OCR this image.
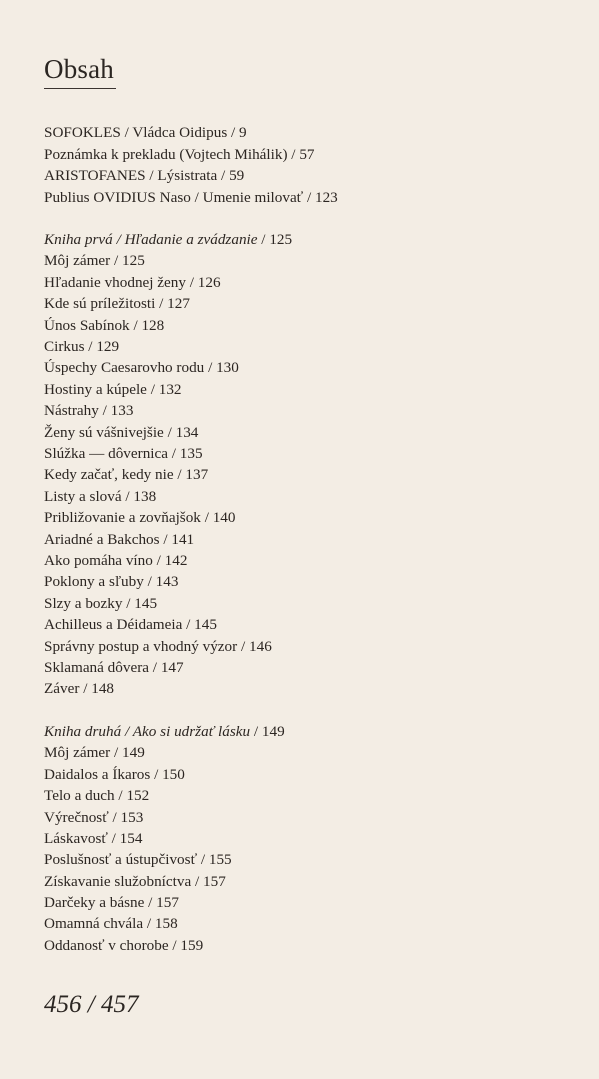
Obsah
SOFOKLES / Vládca Oidipus / 9
Poznámka k prekladu (Vojtech Mihálik) / 57
ARISTOFANES / Lýsistrata / 59
Publius OVIDIUS Naso / Umenie milovať / 123
Kniha prvá / Hľadanie a zvádzanie / 125
Môj zámer / 125
Hľadanie vhodnej ženy / 126
Kde sú príležitosti / 127
Únos Sabínok / 128
Cirkus / 129
Úspechy Caesarovho rodu / 130
Hostiny a kúpele / 132
Nástrahy / 133
Ženy sú vášnivejšie / 134
Slúžka — dôvernica / 135
Kedy začať, kedy nie / 137
Listy a slová / 138
Približovanie a zovňajšok / 140
Ariadné a Bakchos / 141
Ako pomáha víno / 142
Poklony a sľuby / 143
Slzy a bozky / 145
Achilleus a Déidameia / 145
Správny postup a vhodný výzor / 146
Sklamaná dôvera / 147
Záver / 148
Kniha druhá / Ako si udržať lásku / 149
Môj zámer / 149
Daidalos a Íkaros / 150
Telo a duch / 152
Výrečnosť / 153
Láskavosť / 154
Poslušnosť a ústupčivosť / 155
Získavanie služobníctva / 157
Darčeky a básne / 157
Omamná chvála / 158
Oddanosť v chorobe / 159
456 / 457
